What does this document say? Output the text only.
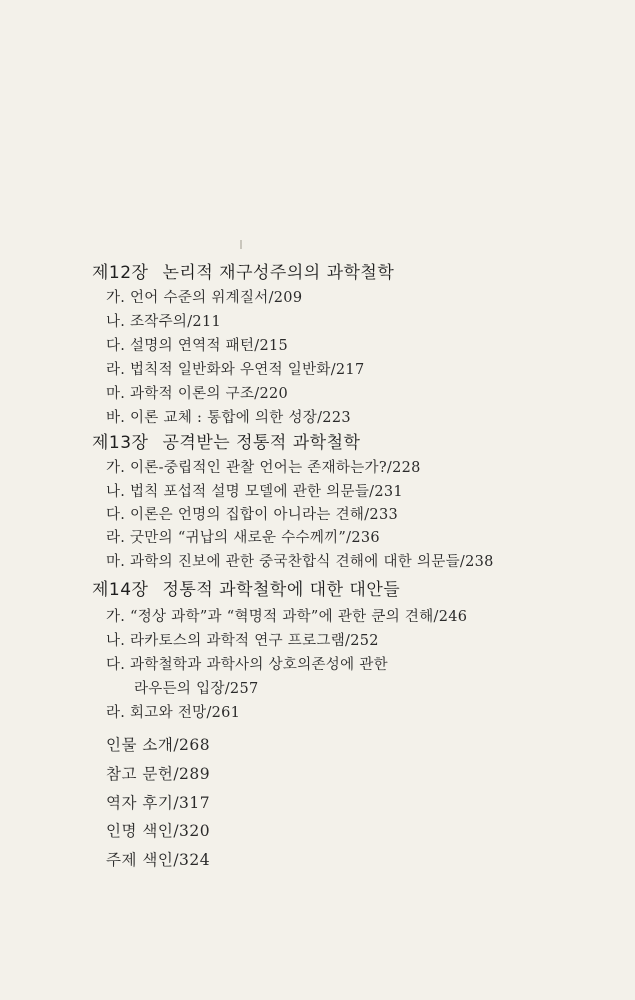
제12장 논리적 재구성주의의 과학철학
가. 언어 수준의 위계질서/209
나. 조작주의/211
다. 설명의 연역적 패턴/215
라. 법칙적 일반화와 우연적 일반화/217
마. 과학적 이론의 구조/220
바. 이론 교체 : 통합에 의한 성장/223
제13장 공격받는 정통적 과학철학
가. 이론-중립적인 관찰 언어는 존재하는가?/228
나. 법칙 포섭적 설명 모델에 관한 의문들/231
다. 이론은 언명의 집합이 아니라는 견해/233
라. 굿만의 “귀납의 새로운 수수께끼”/236
마. 과학의 진보에 관한 중국찬합식 견해에 대한 의문들/238
제14장 정통적 과학철학에 대한 대안들
가. “정상 과학”과 “혁명적 과학”에 관한 쿤의 견해/246
나. 라카토스의 과학적 연구 프로그램/252
다. 과학철학과 과학사의 상호의존성에 관한
라우든의 입장/257
라. 회고와 전망/261
인물 소개/268
참고 문헌/289
역자 후기/317
인명 색인/320
주제 색인/324
